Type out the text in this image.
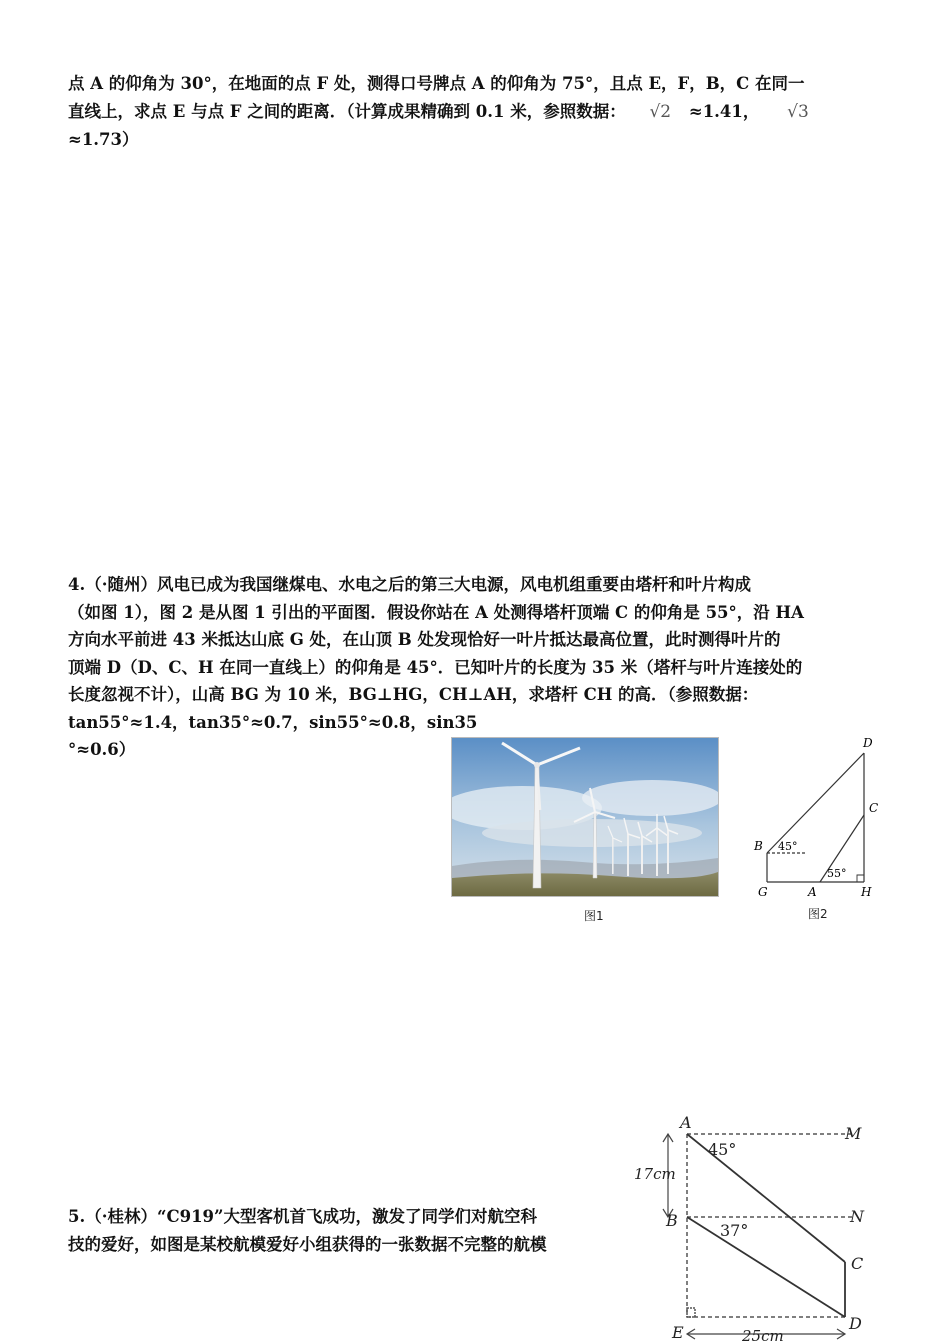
点 A 的仰角为 30°，在地面的点 F 处，测得口号牌点 A 的仰角为 75°，且点 E，F，B，C 在同一
直线上，求点 E 与点 F 之间的距离．（计算成果精确到 0.1 米，参照数据： √2 ≈1.41， √3
≈1.73）
4.（·随州）风电已成为我国继煤电、水电之后的第三大电源，风电机组重要由塔杆和叶片构成
（如图 1），图 2 是从图 1 引出的平面图．假设你站在 A 处测得塔杆顶端 C 的仰角是 55°，沿 HA
方向水平前进 43 米抵达山底 G 处，在山顶 B 处发现恰好一叶片抵达最高位置，此时测得叶片的
顶端 D（D、C、H 在同一直线上）的仰角是 45°．已知叶片的长度为 35 米（塔杆与叶片连接处的
长度忽视不计），山高 BG 为 10 米，BG⊥HG，CH⊥AH，求塔杆 CH 的高．（参照数据：
tan55°≈1.4，tan35°≈0.7，sin55°≈0.8，sin35
°≈0.6）
图1
D
C
B
G	A	H
45°
55°
图2
5.（·桂林）“C919”大型客机首飞成功，激发了同学们对航空科
技的爱好，如图是某校航模爱好小组获得的一张数据不完整的航模
A
M
B	N
C
D
E
45°
37°
17cm
25cm
